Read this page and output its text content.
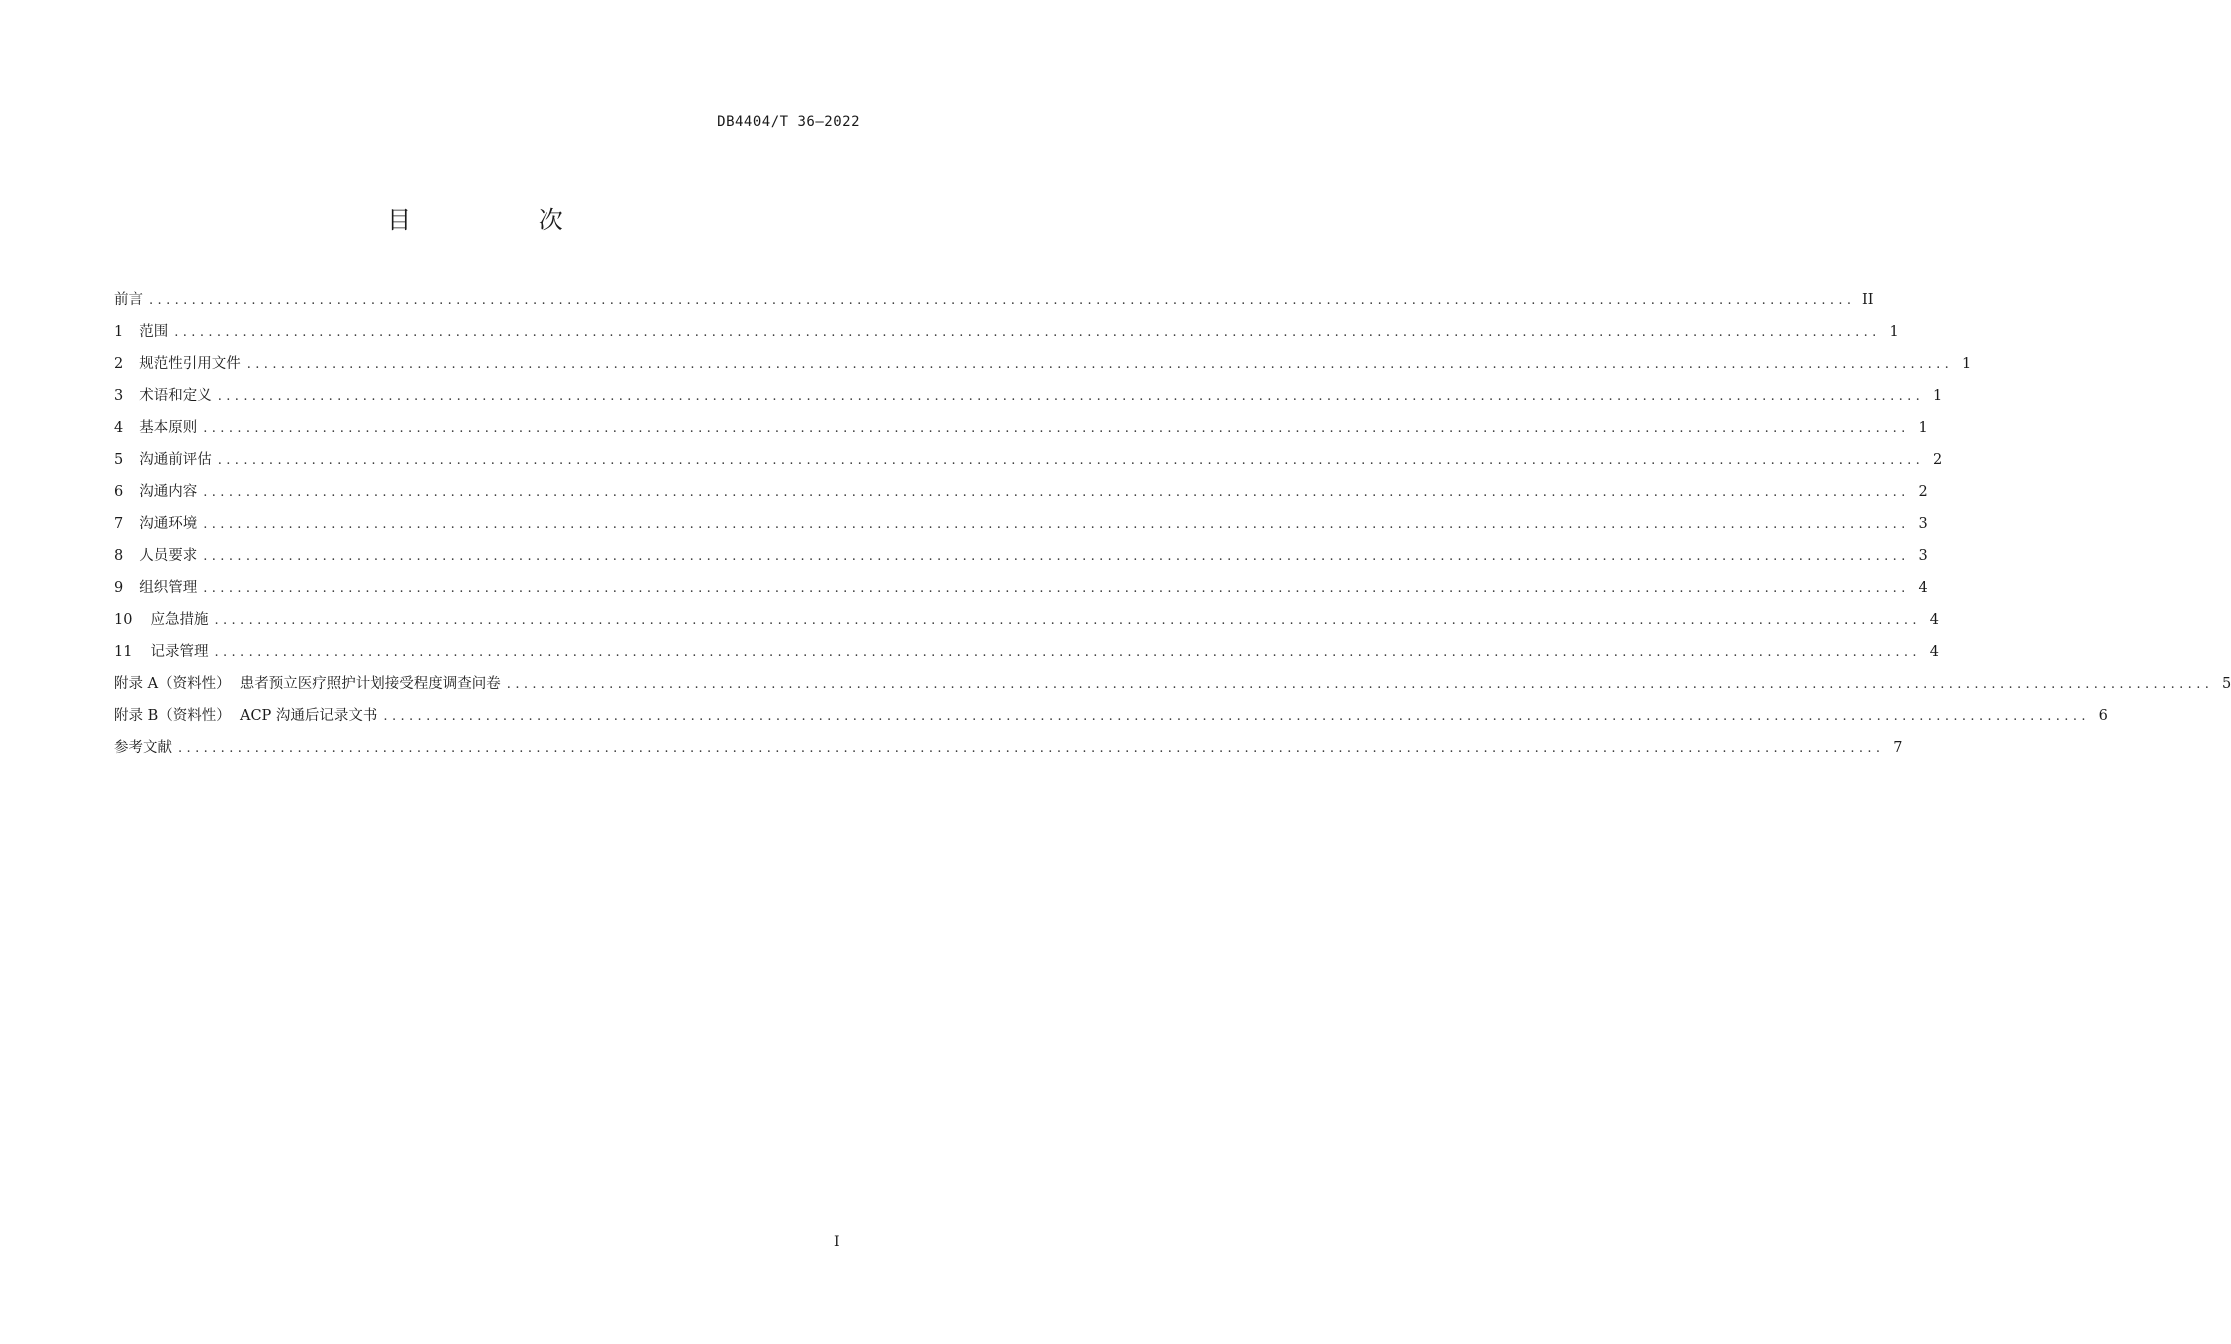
DB4404/T 36—2022
目 次
前言 ........................................................................................................................................................................................................ II
1 范围 ........................................................................................................................................................................................................ 1
2 规范性引用文件 ........................................................................................................................................................................................................ 1
3 术语和定义 ........................................................................................................................................................................................................ 1
4 基本原则 ........................................................................................................................................................................................................ 1
5 沟通前评估 ........................................................................................................................................................................................................ 2
6 沟通内容 ........................................................................................................................................................................................................ 2
7 沟通环境 ........................................................................................................................................................................................................ 3
8 人员要求 ........................................................................................................................................................................................................ 3
9 组织管理 ........................................................................................................................................................................................................ 4
10 应急措施 ........................................................................................................................................................................................................ 4
11 记录管理 ........................................................................................................................................................................................................ 4
附录 A（资料性）  患者预立医疗照护计划接受程度调查问卷 ........................................................................................................................................................................................................ 5
附录 B（资料性）  ACP 沟通后记录文书 ........................................................................................................................................................................................................ 6
参考文献 ........................................................................................................................................................................................................ 7
I
